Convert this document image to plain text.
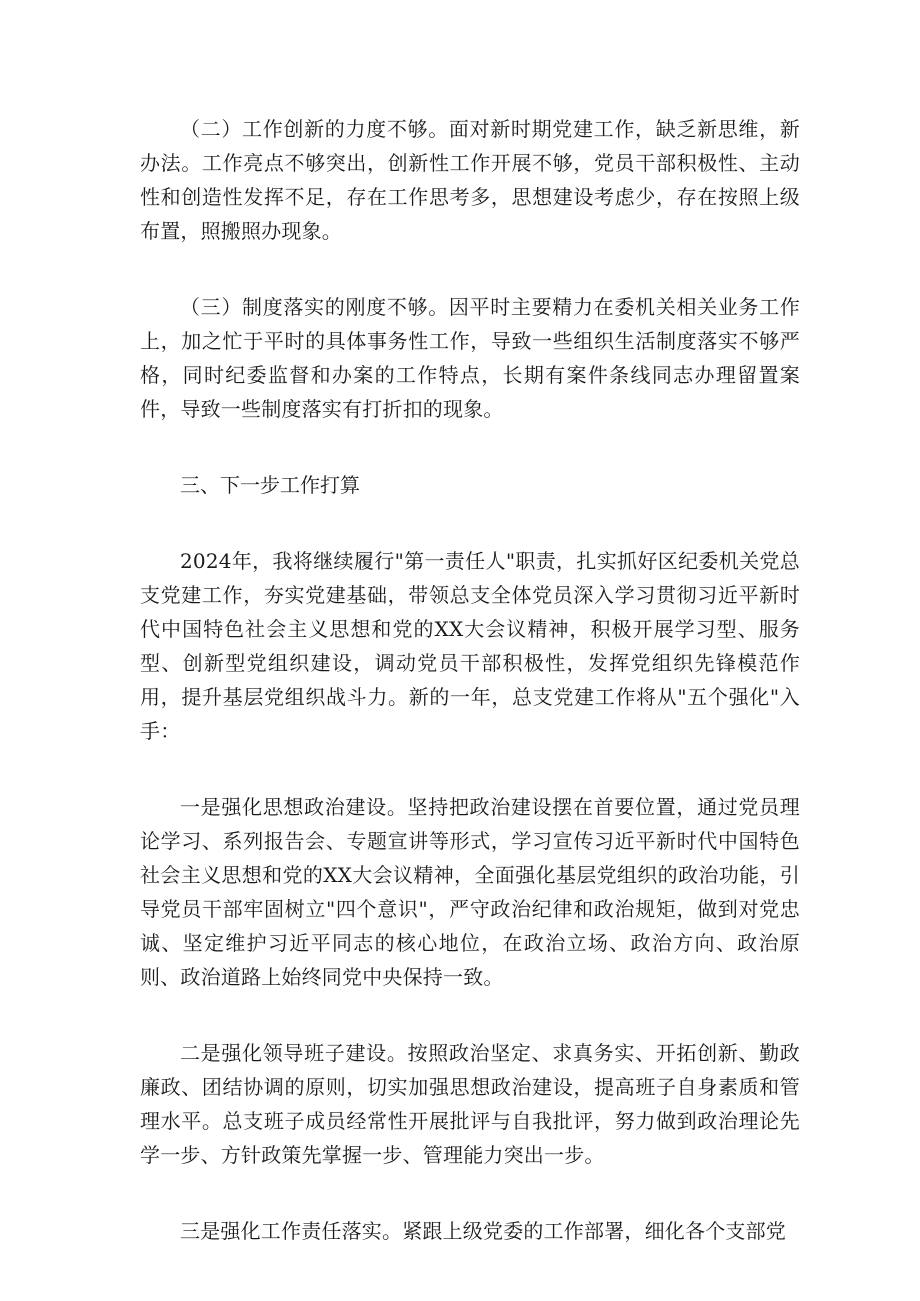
（二）工作创新的力度不够。面对新时期党建工作，缺乏新思维，新办法。工作亮点不够突出，创新性工作开展不够，党员干部积极性、主动性和创造性发挥不足，存在工作思考多，思想建设考虑少，存在按照上级布置，照搬照办现象。

（三）制度落实的刚度不够。因平时主要精力在委机关相关业务工作上，加之忙于平时的具体事务性工作，导致一些组织生活制度落实不够严格，同时纪委监督和办案的工作特点，长期有案件条线同志办理留置案件，导致一些制度落实有打折扣的现象。

三、下一步工作打算

2024年，我将继续履行"第一责任人"职责，扎实抓好区纪委机关党总支党建工作，夯实党建基础，带领总支全体党员深入学习贯彻习近平新时代中国特色社会主义思想和党的XX大会议精神，积极开展学习型、服务型、创新型党组织建设，调动党员干部积极性，发挥党组织先锋模范作用，提升基层党组织战斗力。新的一年，总支党建工作将从"五个强化"入手：

一是强化思想政治建设。坚持把政治建设摆在首要位置，通过党员理论学习、系列报告会、专题宣讲等形式，学习宣传习近平新时代中国特色社会主义思想和党的XX大会议精神，全面强化基层党组织的政治功能，引导党员干部牢固树立"四个意识"，严守政治纪律和政治规矩，做到对党忠诚、坚定维护习近平同志的核心地位，在政治立场、政治方向、政治原则、政治道路上始终同党中央保持一致。

二是强化领导班子建设。按照政治坚定、求真务实、开拓创新、勤政廉政、团结协调的原则，切实加强思想政治建设，提高班子自身素质和管理水平。总支班子成员经常性开展批评与自我批评，努力做到政治理论先学一步、方针政策先掌握一步、管理能力突出一步。

三是强化工作责任落实。紧跟上级党委的工作部署，细化各个支部党
